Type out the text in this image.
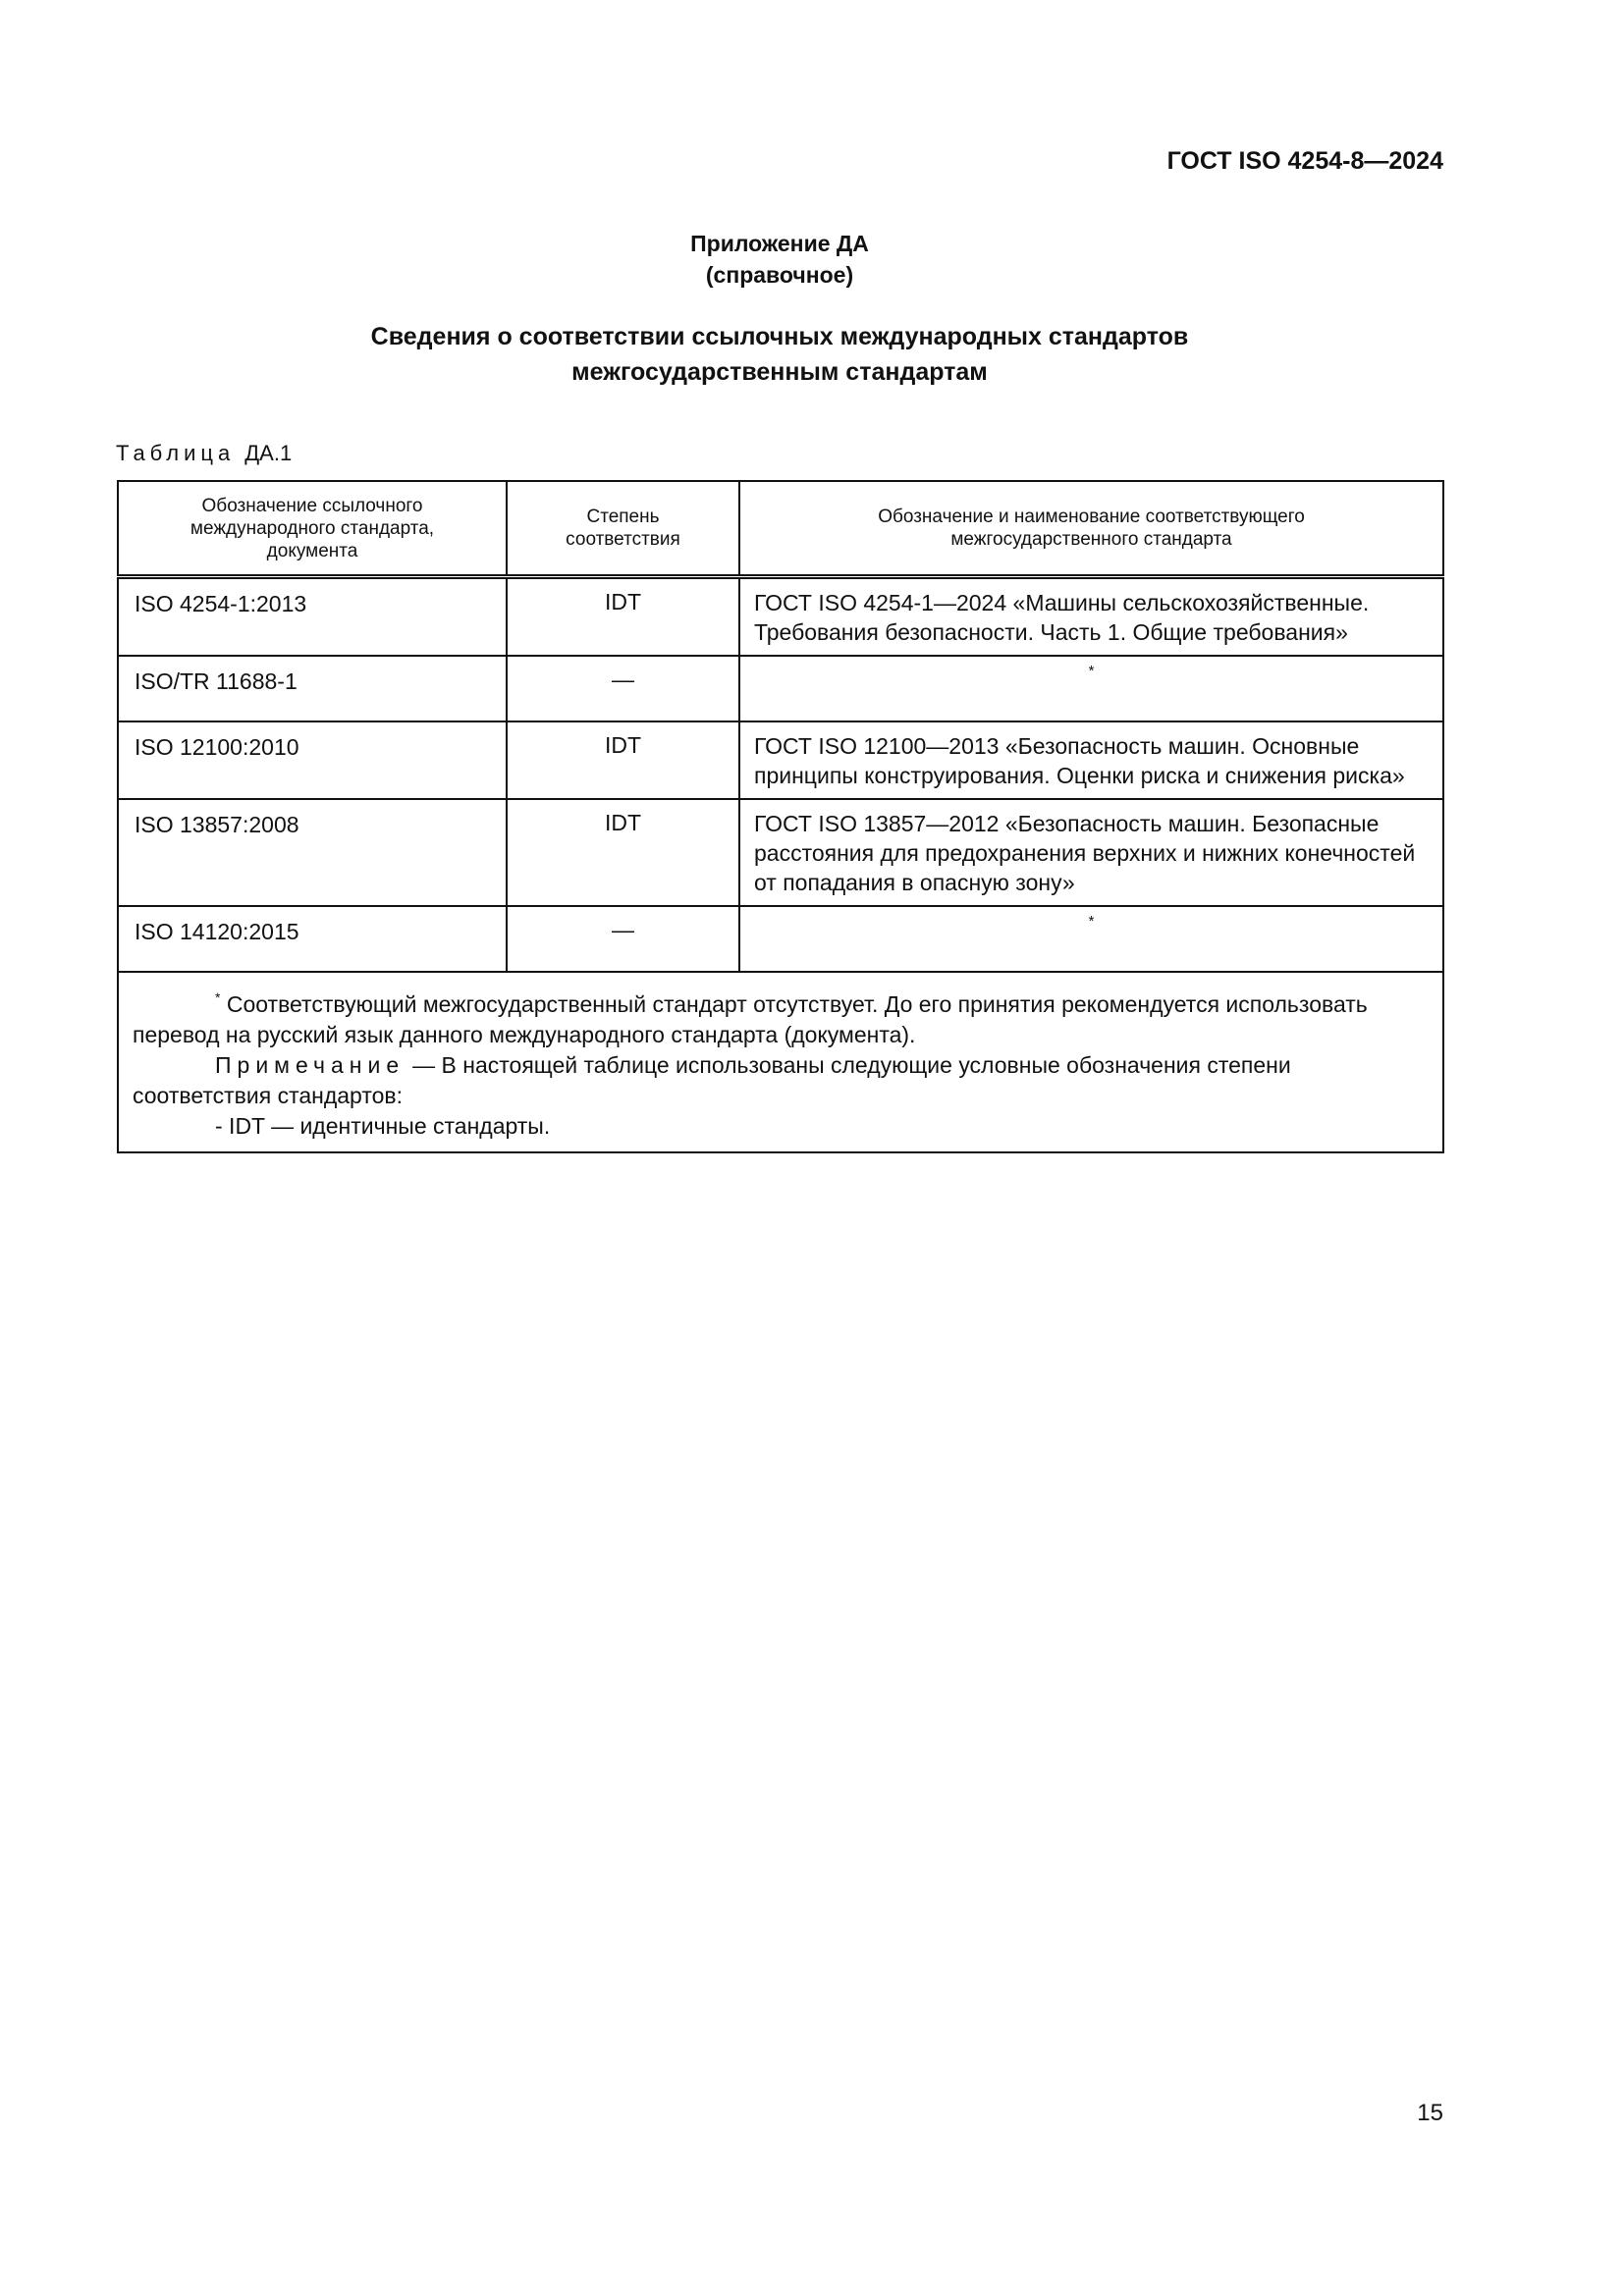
ГОСТ ISO 4254-8—2024
Приложение ДА
(справочное)
Сведения о соответствии ссылочных международных стандартов
межгосударственным стандартам
Таблица ДА.1
Обозначение ссылочного международного стандарта, документа	Степень соответствия	Обозначение и наименование соответствующего межгосударственного стандарта
ISO 4254-1:2013	IDT	ГОСТ ISO 4254-1—2024 «Машины сельскохозяйственные. Требования безопасности. Часть 1. Общие требования»
ISO/TR 11688-1	—	*
ISO 12100:2010	IDT	ГОСТ ISO 12100—2013 «Безопасность машин. Основные принципы конструирования. Оценки риска и снижения риска»
ISO 13857:2008	IDT	ГОСТ ISO 13857—2012 «Безопасность машин. Безопасные расстояния для предохранения верхних и нижних конечностей от попадания в опасную зону»
ISO 14120:2015	—	*

* Соответствующий межгосударственный стандарт отсутствует. До его принятия рекомендуется использовать перевод на русский язык данного международного стандарта (документа).

Примечание — В настоящей таблице использованы следующие условные обозначения степени соответствия стандартов:

- IDT — идентичные стандарты.		

15
